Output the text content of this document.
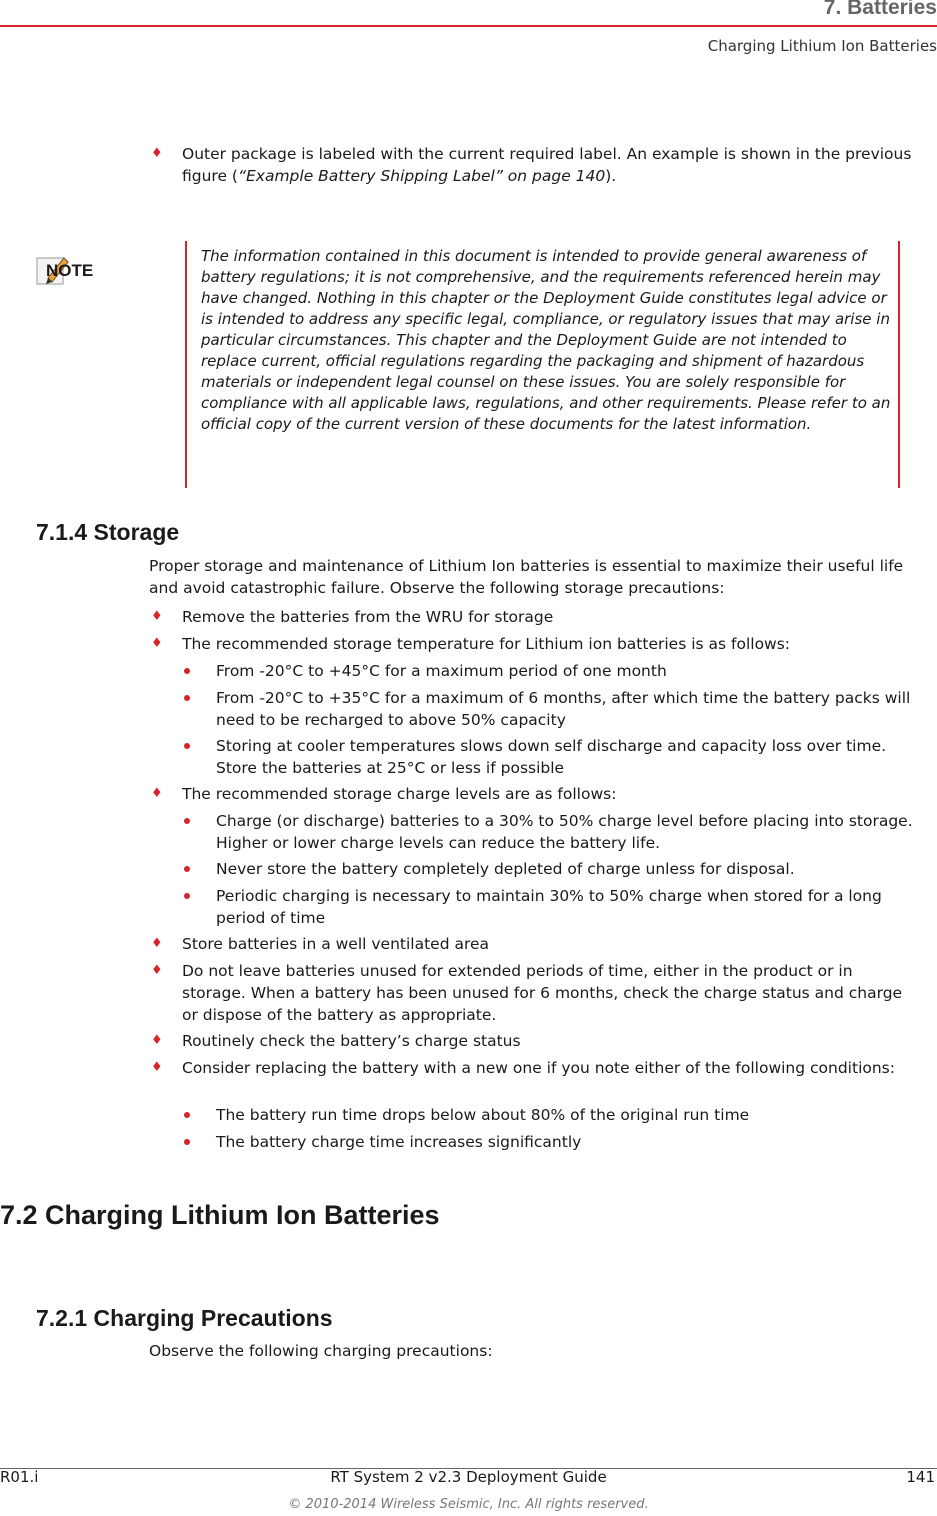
7. Batteries
Charging Lithium Ion Batteries
♦ Outer package is labeled with the current required label. An example is shown in the previous figure (“Example Battery Shipping Label” on page 140).
NOTE
The information contained in this document is intended to provide general awareness of battery regulations; it is not comprehensive, and the requirements referenced herein may have changed. Nothing in this chapter or the Deployment Guide constitutes legal advice or is intended to address any specific legal, compliance, or regulatory issues that may arise in particular circumstances. This chapter and the Deployment Guide are not intended to replace current, official regulations regarding the packaging and shipment of hazardous materials or independent legal counsel on these issues. You are solely responsible for compliance with all applicable laws, regulations, and other requirements. Please refer to an official copy of the current version of these documents for the latest information.
7.1.4 Storage
Proper storage and maintenance of Lithium Ion batteries is essential to maximize their useful life and avoid catastrophic failure. Observe the following storage precautions:
♦ Remove the batteries from the WRU for storage
♦ The recommended storage temperature for Lithium ion batteries is as follows:
From -20°C to +45°C for a maximum period of one month
From -20°C to +35°C for a maximum of 6 months, after which time the battery packs will need to be recharged to above 50% capacity
Storing at cooler temperatures slows down self discharge and capacity loss over time. Store the batteries at 25°C or less if possible
♦ The recommended storage charge levels are as follows:
Charge (or discharge) batteries to a 30% to 50% charge level before placing into storage. Higher or lower charge levels can reduce the battery life.
Never store the battery completely depleted of charge unless for disposal.
Periodic charging is necessary to maintain 30% to 50% charge when stored for a long period of time
♦ Store batteries in a well ventilated area
♦ Do not leave batteries unused for extended periods of time, either in the product or in storage. When a battery has been unused for 6 months, check the charge status and charge or dispose of the battery as appropriate.
♦ Routinely check the battery’s charge status
♦ Consider replacing the battery with a new one if you note either of the following conditions:
The battery run time drops below about 80% of the original run time
The battery charge time increases significantly
7.2 Charging Lithium Ion Batteries
7.2.1 Charging Precautions
Observe the following charging precautions:
R01.i	RT System 2 v2.3 Deployment Guide	141
© 2010-2014 Wireless Seismic, Inc. All rights reserved.
